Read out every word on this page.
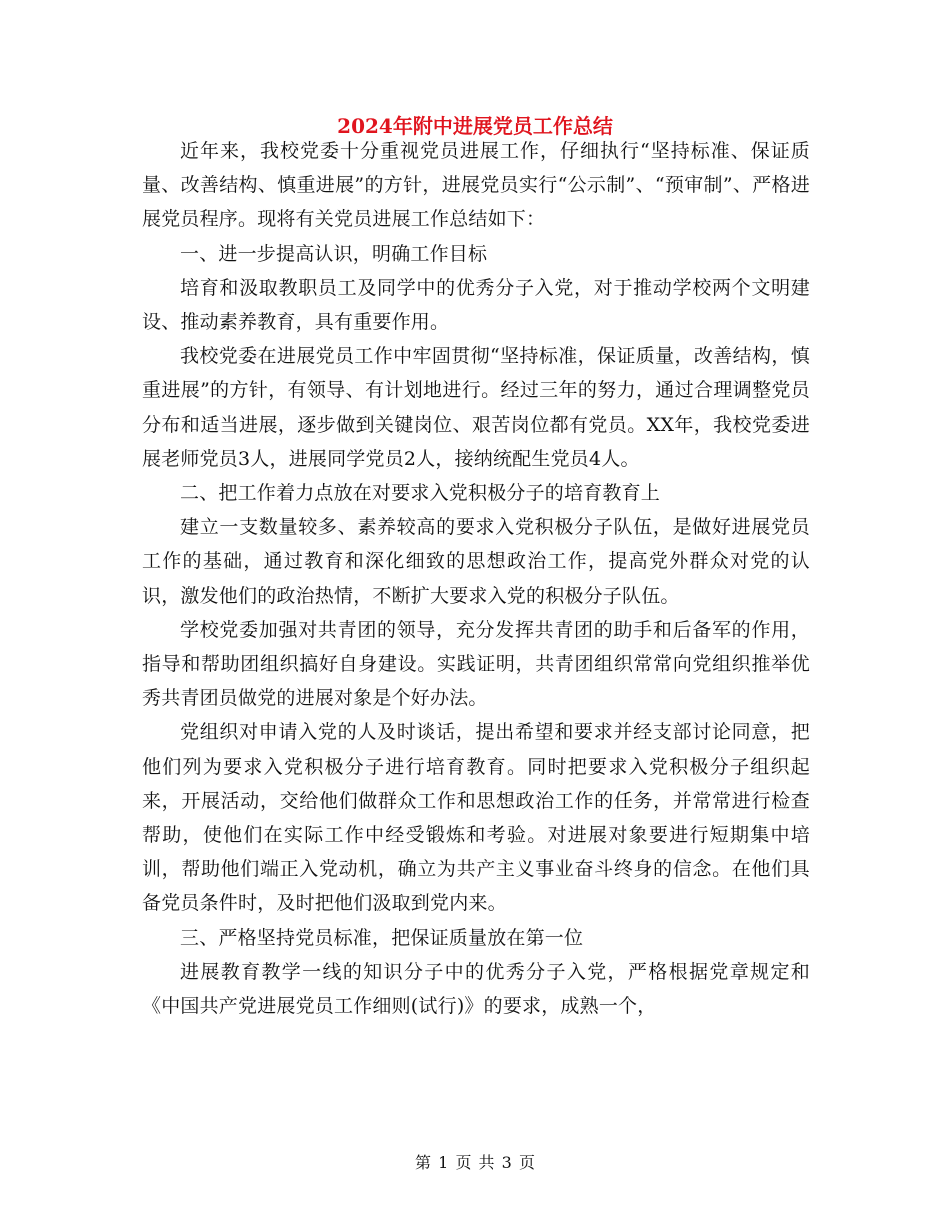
2024年附中进展党员工作总结

近年来，我校党委十分重视党员进展工作，仔细执行“坚持标准、保证质量、改善结构、慎重进展”的方针，进展党员实行“公示制”、“预审制”、严格进展党员程序。现将有关党员进展工作总结如下：

一、进一步提高认识，明确工作目标

培育和汲取教职员工及同学中的优秀分子入党，对于推动学校两个文明建设、推动素养教育，具有重要作用。

我校党委在进展党员工作中牢固贯彻“坚持标准，保证质量，改善结构，慎重进展”的方针，有领导、有计划地进行。经过三年的努力，通过合理调整党员分布和适当进展，逐步做到关键岗位、艰苦岗位都有党员。XX年，我校党委进展老师党员3人，进展同学党员2人，接纳统配生党员4人。

二、把工作着力点放在对要求入党积极分子的培育教育上

建立一支数量较多、素养较高的要求入党积极分子队伍，是做好进展党员工作的基础，通过教育和深化细致的思想政治工作，提高党外群众对党的认识，激发他们的政治热情，不断扩大要求入党的积极分子队伍。

学校党委加强对共青团的领导，充分发挥共青团的助手和后备军的作用，指导和帮助团组织搞好自身建设。实践证明，共青团组织常常向党组织推举优秀共青团员做党的进展对象是个好办法。

党组织对申请入党的人及时谈话，提出希望和要求并经支部讨论同意，把他们列为要求入党积极分子进行培育教育。同时把要求入党积极分子组织起来，开展活动，交给他们做群众工作和思想政治工作的任务，并常常进行检查帮助，使他们在实际工作中经受锻炼和考验。对进展对象要进行短期集中培训，帮助他们端正入党动机，确立为共产主义事业奋斗终身的信念。在他们具备党员条件时，及时把他们汲取到党内来。

三、严格坚持党员标准，把保证质量放在第一位

进展教育教学一线的知识分子中的优秀分子入党，严格根据党章规定和《中国共产党进展党员工作细则(试行)》的要求，成熟一个，

第 1 页 共 3 页
